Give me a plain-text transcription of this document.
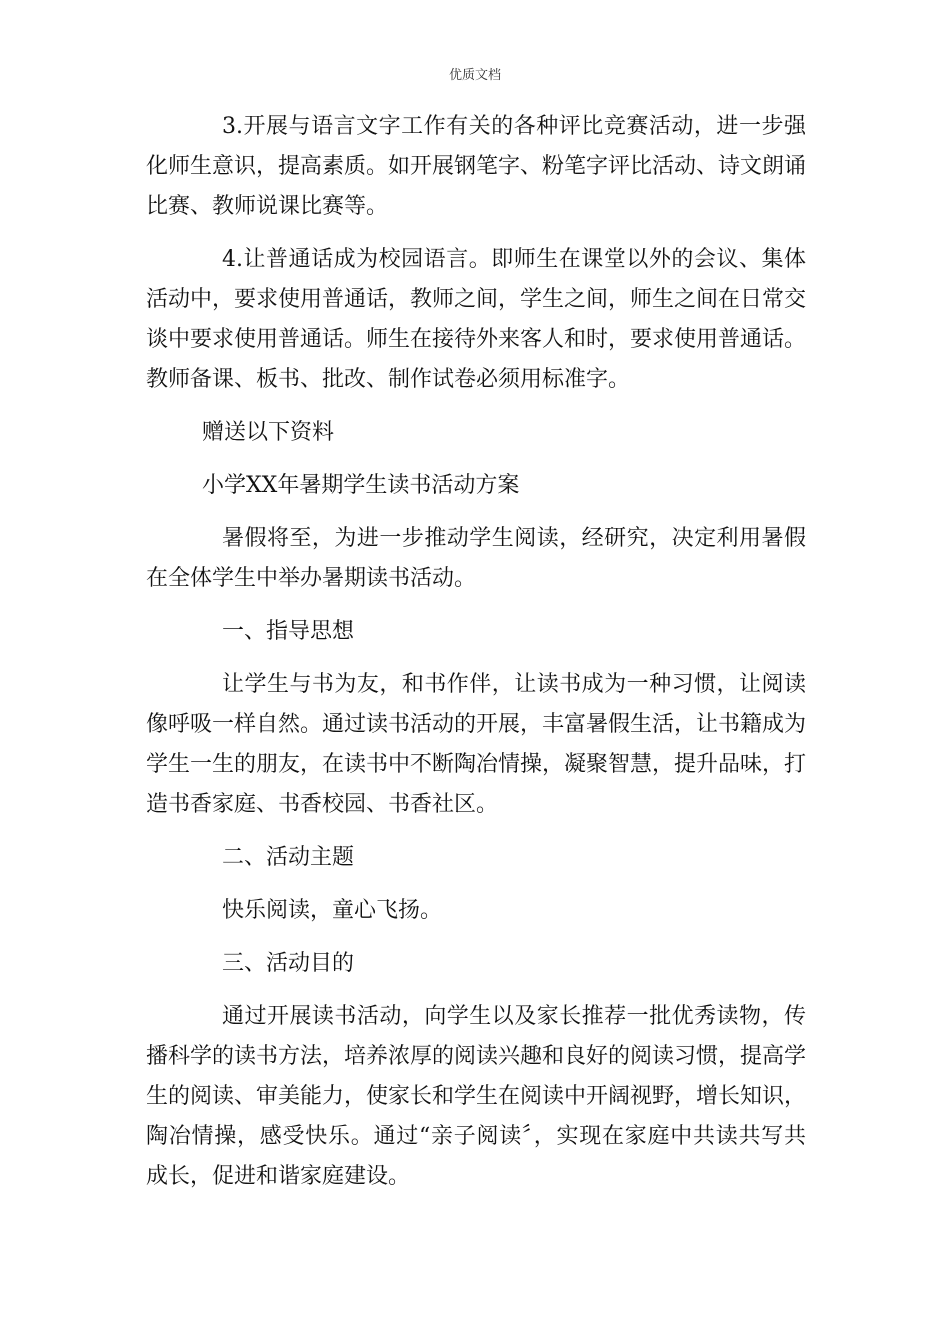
优质文档

3.开展与语言文字工作有关的各种评比竞赛活动，进一步强化师生意识，提高素质。如开展钢笔字、粉笔字评比活动、诗文朗诵比赛、教师说课比赛等。

4.让普通话成为校园语言。即师生在课堂以外的会议、集体活动中，要求使用普通话，教师之间，学生之间，师生之间在日常交谈中要求使用普通话。师生在接待外来客人和时，要求使用普通话。教师备课、板书、批改、制作试卷必须用标准字。

赠送以下资料

小学XX年暑期学生读书活动方案

暑假将至，为进一步推动学生阅读，经研究，决定利用暑假在全体学生中举办暑期读书活动。

一、指导思想

让学生与书为友，和书作伴，让读书成为一种习惯，让阅读像呼吸一样自然。通过读书活动的开展，丰富暑假生活，让书籍成为学生一生的朋友，在读书中不断陶冶情操，凝聚智慧，提升品味，打造书香家庭、书香校园、书香社区。

二、活动主题

快乐阅读，童心飞扬。

三、活动目的

通过开展读书活动，向学生以及家长推荐一批优秀读物，传播科学的读书方法，培养浓厚的阅读兴趣和良好的阅读习惯，提高学生的阅读、审美能力，使家长和学生在阅读中开阔视野，增长知识，陶冶情操，感受快乐。通过“亲子阅读〞，实现在家庭中共读共写共成长，促进和谐家庭建设。
